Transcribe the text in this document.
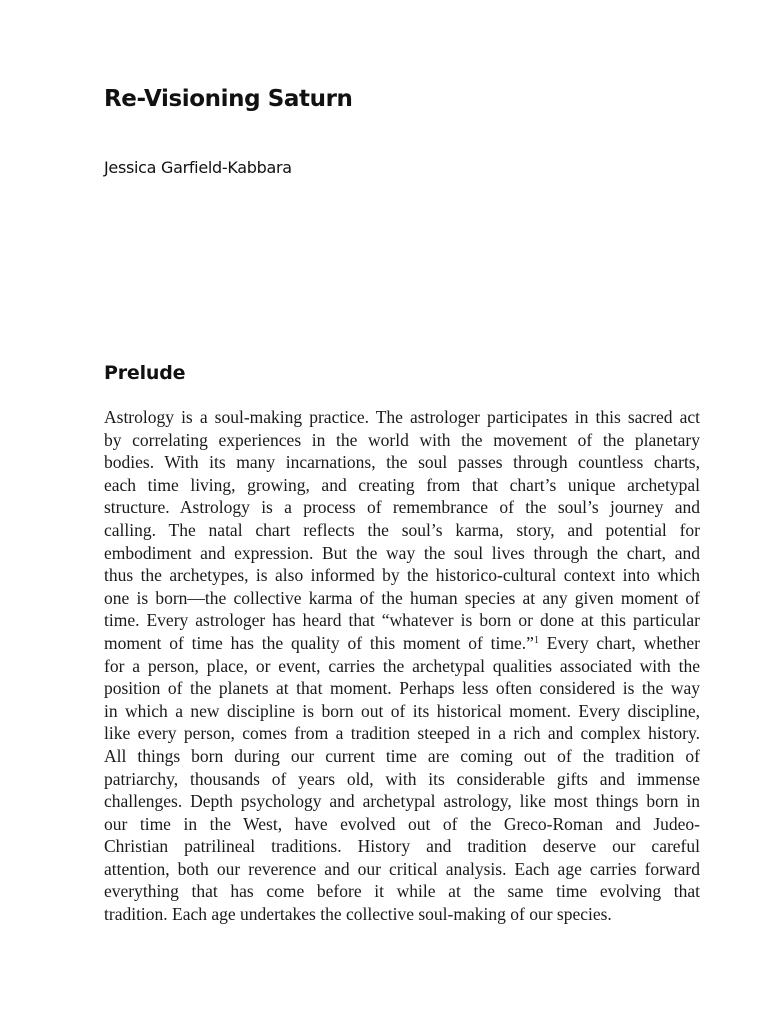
Re-Visioning Saturn

Jessica Garfield-Kabbara

Prelude
Astrology is a soul-making practice. The astrologer participates in this sacred act
by correlating experiences in the world with the movement of the planetary
bodies. With its many incarnations, the soul passes through countless charts,
each time living, growing, and creating from that chart’s unique archetypal
structure. Astrology is a process of remembrance of the soul’s journey and
calling. The natal chart reflects the soul’s karma, story, and potential for
embodiment and expression. But the way the soul lives through the chart, and
thus the archetypes, is also informed by the historico-cultural context into which
one is born—the collective karma of the human species at any given moment of
time. Every astrologer has heard that “whatever is born or done at this particular
moment of time has the quality of this moment of time.”$^1$ Every chart, whether
for a person, place, or event, carries the archetypal qualities associated with the
position of the planets at that moment. Perhaps less often considered is the way
in which a new discipline is born out of its historical moment. Every discipline,
like every person, comes from a tradition steeped in a rich and complex history.
All things born during our current time are coming out of the tradition of
patriarchy, thousands of years old, with its considerable gifts and immense
challenges. Depth psychology and archetypal astrology, like most things born in
our time in the West, have evolved out of the Greco-Roman and Judeo-
Christian patrilineal traditions. History and tradition deserve our careful
attention, both our reverence and our critical analysis. Each age carries forward
everything that has come before it while at the same time evolving that
tradition. Each age undertakes the collective soul-making of our species.
